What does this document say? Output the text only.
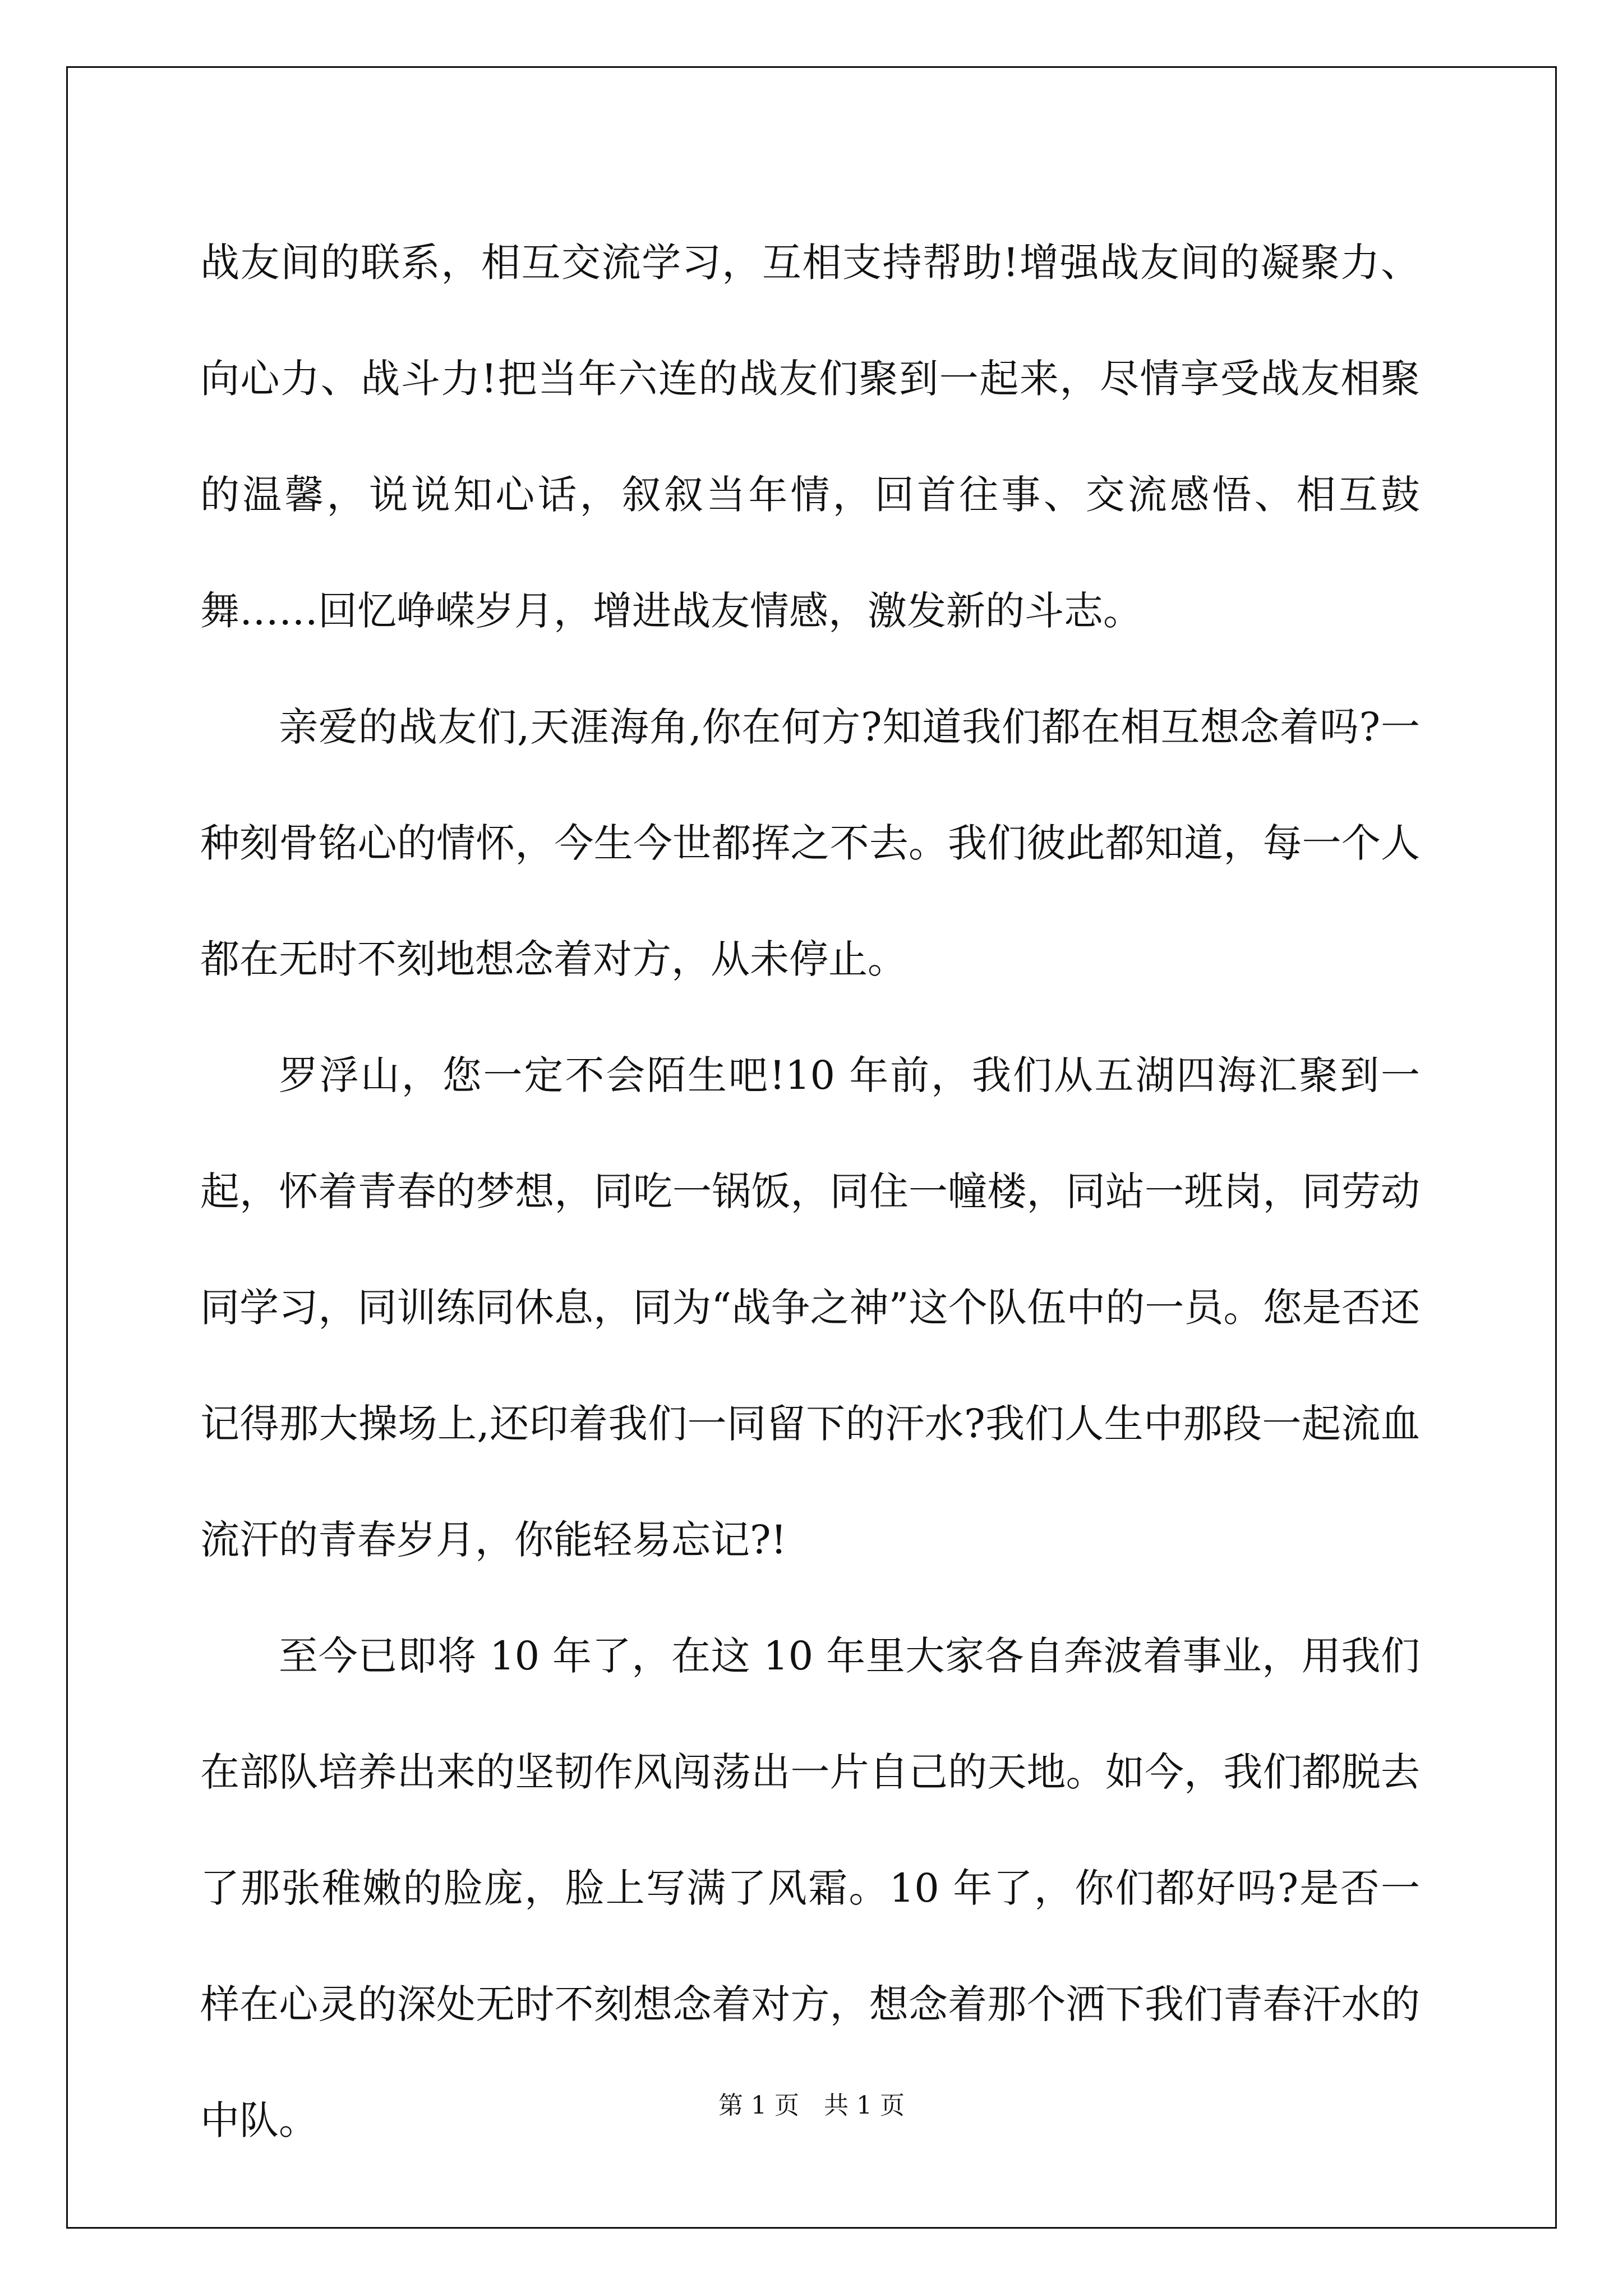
战友间的联系，相互交流学习，互相支持帮助!增强战友间的凝聚力、向心力、战斗力!把当年六连的战友们聚到一起来，尽情享受战友相聚的温馨，说说知心话，叙叙当年情，回首往事、交流感悟、相互鼓舞……回忆峥嵘岁月，增进战友情感，激发新的斗志。

亲爱的战友们,天涯海角,你在何方?知道我们都在相互想念着吗?一种刻骨铭心的情怀，今生今世都挥之不去。我们彼此都知道，每一个人都在无时不刻地想念着对方，从未停止。

罗浮山，您一定不会陌生吧!10 年前，我们从五湖四海汇聚到一起，怀着青春的梦想，同吃一锅饭，同住一幢楼，同站一班岗，同劳动同学习，同训练同休息，同为“战争之神”这个队伍中的一员。您是否还记得那大操场上,还印着我们一同留下的汗水?我们人生中那段一起流血流汗的青春岁月，你能轻易忘记?!

至今已即将 10 年了，在这 10 年里大家各自奔波着事业，用我们在部队培养出来的坚韧作风闯荡出一片自己的天地。如今，我们都脱去了那张稚嫩的脸庞，脸上写满了风霜。10 年了，你们都好吗?是否一样在心灵的深处无时不刻想念着对方，想念着那个洒下我们青春汗水的中队。	第 1 页　共 1 页
